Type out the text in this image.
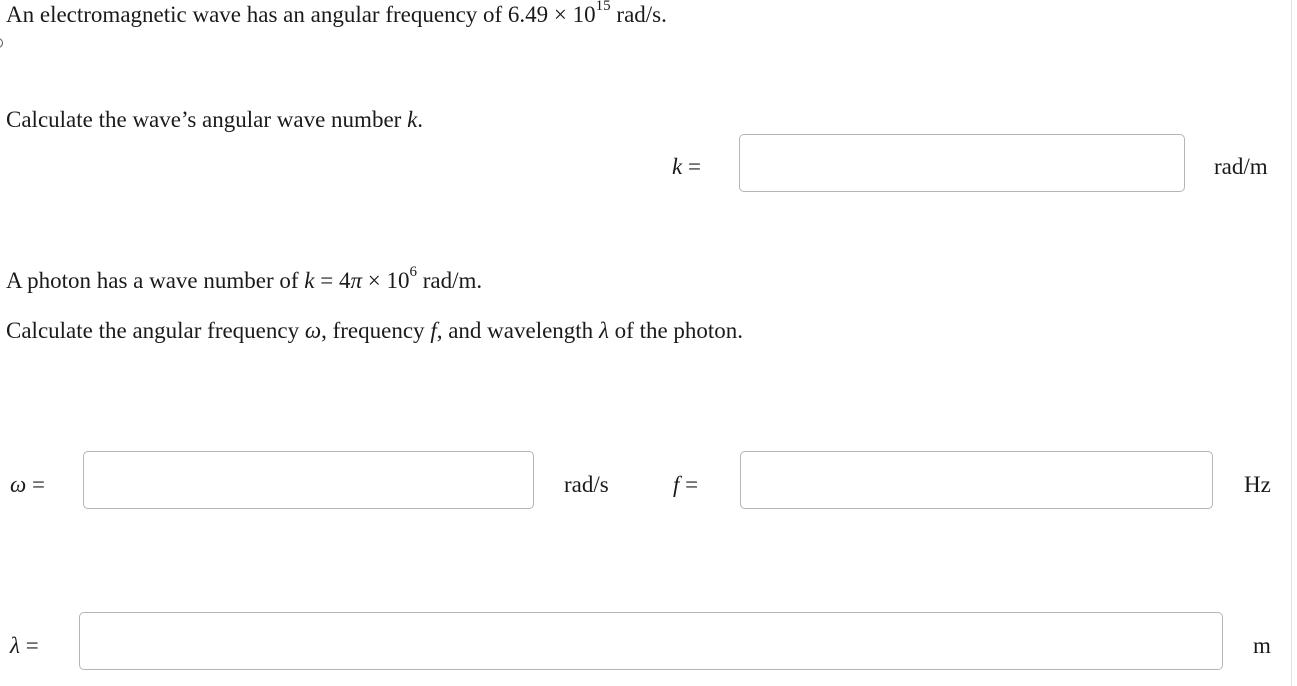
An electromagnetic wave has an angular frequency of $6.49 \times 10^{15}$ rad/s.
Calculate the wave’s angular wave number k.
k =	rad/m
A photon has a wave number of $k = 4\pi \times 10^6$ rad/m.
Calculate the angular frequency ω, frequency f, and wavelength λ of the photon.
ω =	rad/s	f =	Hz
λ =	m
